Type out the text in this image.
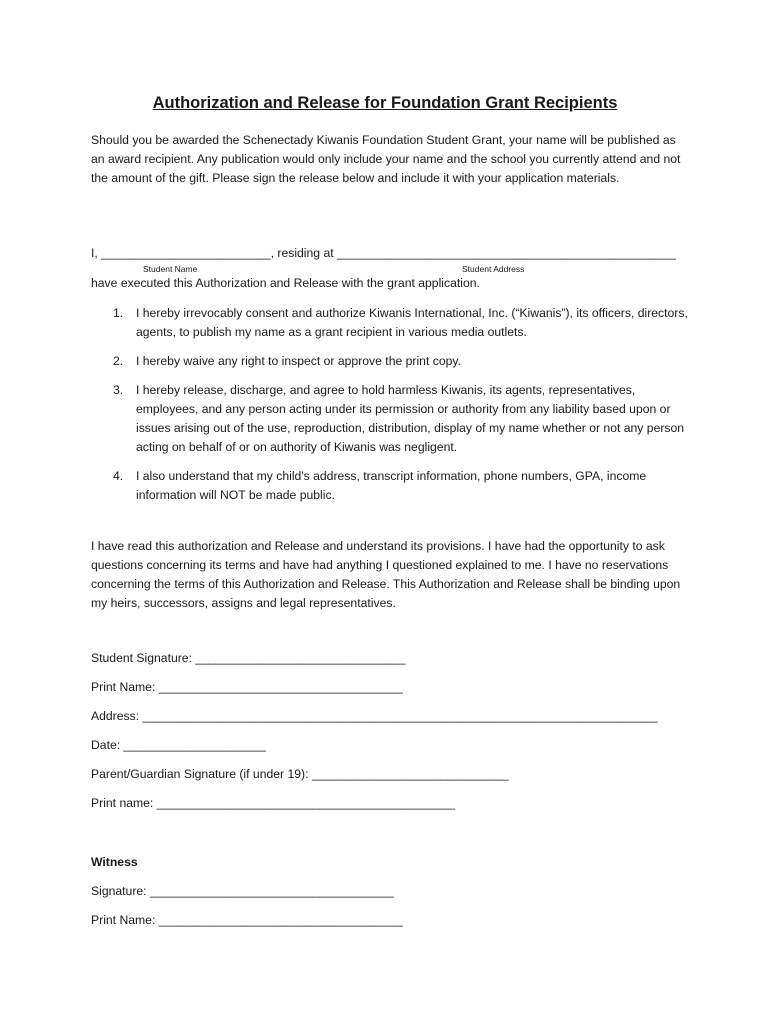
Authorization and Release for Foundation Grant Recipients
Should you be awarded the Schenectady Kiwanis Foundation Student Grant, your name will be published as an award recipient. Any publication would only include your name and the school you currently attend and not the amount of the gift. Please sign the release below and include it with your application materials.
I, _________________________, residing at __________________________________________________
Student Name	Student Address
have executed this Authorization and Release with the grant application.
1. I hereby irrevocably consent and authorize Kiwanis International, Inc. (“Kiwanis”), its officers, directors, agents, to publish my name as a grant recipient in various media outlets.
2. I hereby waive any right to inspect or approve the print copy.
3. I hereby release, discharge, and agree to hold harmless Kiwanis, its agents, representatives, employees, and any person acting under its permission or authority from any liability based upon or issues arising out of the use, reproduction, distribution, display of my name whether or not any person acting on behalf of or on authority of Kiwanis was negligent.
4. I also understand that my child's address, transcript information, phone numbers, GPA, income information will NOT be made public.
I have read this authorization and Release and understand its provisions. I have had the opportunity to ask questions concerning its terms and have had anything I questioned explained to me. I have no reservations concerning the terms of this Authorization and Release. This Authorization and Release shall be binding upon my heirs, successors, assigns and legal representatives.
Student Signature: _______________________________
Print Name: ____________________________________
Address: ____________________________________________________________________________
Date: _____________________
Parent/Guardian Signature (if under 19): _____________________________
Print name: ____________________________________________
Witness
Signature: ____________________________________
Print Name: ____________________________________
